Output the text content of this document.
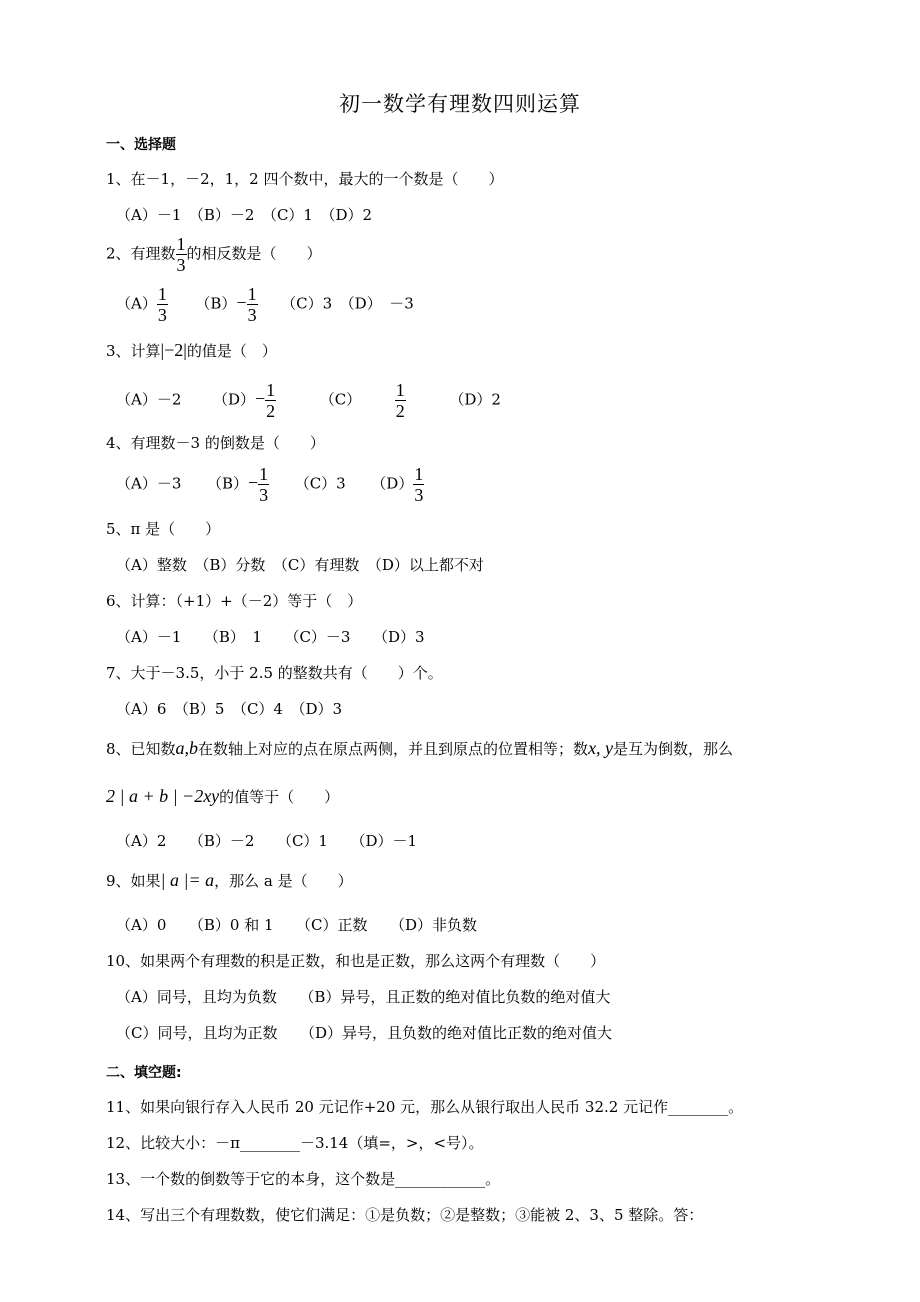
初一数学有理数四则运算
一、选择题
1、在－1，－2，1，2 四个数中，最大的一个数是（　　）
（A）－1　（B）－2　（C）1　（D）2
2、有理数 $\frac{1}{3}$ 的相反数是（　　）
$(A) \frac{1}{3} (B)- \frac{1}{3} (C)3$　（D）　－3
3、计算|−2|的值是（　）
（A）－2 $(D)- \frac{1}{2}$	$(C) \frac{1}{2}$	（D）2
4、有理数－3 的倒数是（　　）
（A）－3 $(B)- \frac{1}{3} (C)3$ $(D) \frac{1}{3}$
5、π 是（　　）
（A）整数　（B）分数　（C）有理数　（D）以上都不对
6、计算：（+1）+（－2）等于（　）
（A）－1　　（B）　1　　（C）－3　　（D）3
7、大于－3.5，小于 2.5 的整数共有（　　）个。
（A）6　（B）5　（C）4　（D）3
8、已知数a,b在数轴上对应的点在原点两侧，并且到原点的位置相等；数x, y是互为倒数，那么
2 | a + b | −2xy的值等于（　　）
（A）2　　（B）－2　　（C）1　　（D）－1
9、如果| a |= a，那么 a 是（　　）
（A）0　　（B）0 和 1　　（C）正数　　（D）非负数
10、如果两个有理数的积是正数，和也是正数，那么这两个有理数（　　）
（A）同号，且均为负数　　（B）异号，且正数的绝对值比负数的绝对值大
（C）同号，且均为正数　　（D）异号，且负数的绝对值比正数的绝对值大
二、填空题:
11、如果向银行存入人民币 20 元记作+20 元，那么从银行取出人民币 32.2 元记作________。
12、比较大小：－π________－3.14（填=，>，<号）。
13、一个数的倒数等于它的本身，这个数是____________。
14、写出三个有理数数，使它们满足：①是负数；②是整数；③能被 2、3、5 整除。答：
